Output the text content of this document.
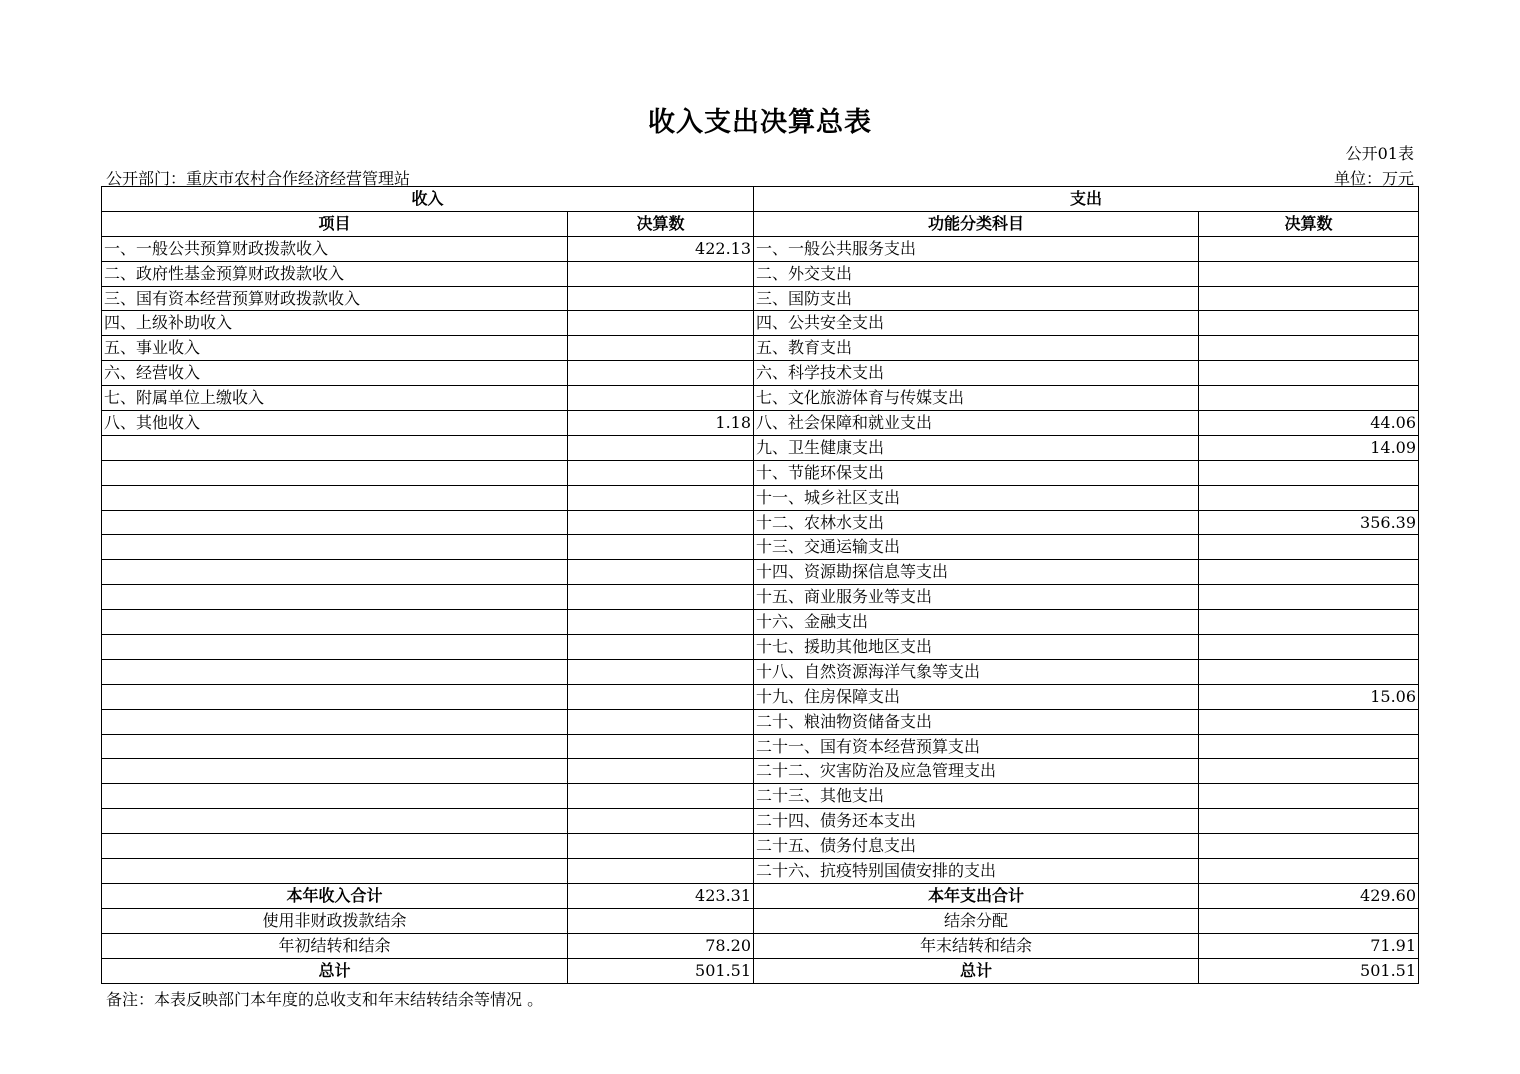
收入支出决算总表
公开01表
公开部门：重庆市农村合作经济经营管理站	单位：万元
收入		支出	
项目	决算数	功能分类科目	决算数
一、一般公共预算财政拨款收入	422.13	一、一般公共服务支出	
二、政府性基金预算财政拨款收入		二、外交支出	
三、国有资本经营预算财政拨款收入		三、国防支出	
四、上级补助收入		四、公共安全支出	
五、事业收入		五、教育支出	
六、经营收入		六、科学技术支出	
七、附属单位上缴收入		七、文化旅游体育与传媒支出	
八、其他收入	1.18	八、社会保障和就业支出	44.06
		九、卫生健康支出	14.09
		十、节能环保支出	
		十一、城乡社区支出	
		十二、农林水支出	356.39
		十三、交通运输支出	
		十四、资源勘探信息等支出	
		十五、商业服务业等支出	
		十六、金融支出	
		十七、援助其他地区支出	
		十八、自然资源海洋气象等支出	
		十九、住房保障支出	15.06
		二十、粮油物资储备支出	
		二十一、国有资本经营预算支出	
		二十二、灾害防治及应急管理支出	
		二十三、其他支出	
		二十四、债务还本支出	
		二十五、债务付息支出	
		二十六、抗疫特别国债安排的支出	
本年收入合计	423.31	本年支出合计	429.60
使用非财政拨款结余		结余分配	
年初结转和结余	78.20	年末结转和结余	71.91
总计	501.51	总计	501.51
备注：本表反映部门本年度的总收支和年末结转结余等情况 。
